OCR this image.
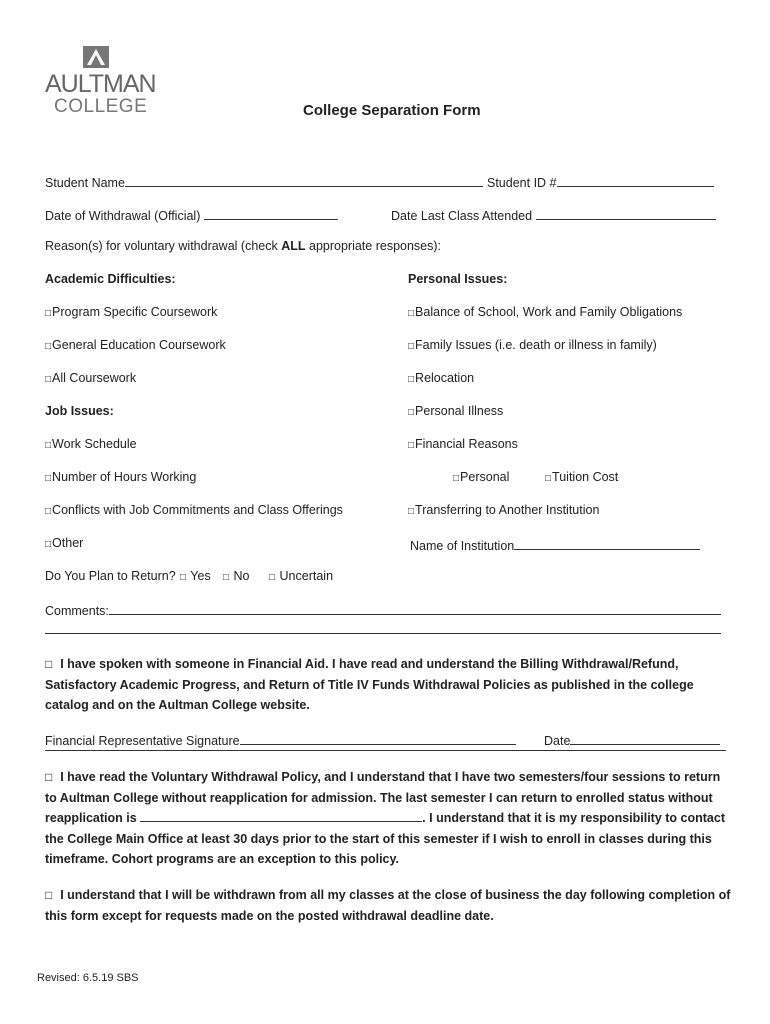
AULTMAN
COLLEGE	College Separation Form
Student Name	Student ID #
Date of Withdrawal (Official)	Date Last Class Attended
Reason(s) for voluntary withdrawal (check ALL appropriate responses):
Academic Difficulties:	Personal Issues:
□Program Specific Coursework
□General Education Coursework
□All Coursework
Job Issues:
□Work Schedule
□Number of Hours Working
□Conflicts with Job Commitments and Class Offerings
□Other
□Balance of School, Work and Family Obligations
□Family Issues (i.e. death or illness in family)
□Relocation
□Personal Illness
□Financial Reasons
□Personal	□Tuition Cost
□Transferring to Another Institution
Name of Institution
Do You Plan to Return? □ Yes □ No □ Uncertain
Comments:
□ I have spoken with someone in Financial Aid. I have read and understand the Billing Withdrawal/Refund, Satisfactory Academic Progress, and Return of Title IV Funds Withdrawal Policies as published in the college catalog and on the Aultman College website.
Financial Representative Signature	Date
□ I have read the Voluntary Withdrawal Policy, and I understand that I have two semesters/four sessions to return to Aultman College without reapplication for admission. The last semester I can return to enrolled status without reapplication is	. I understand that it is my responsibility to contact the College Main Office at least 30 days prior to the start of this semester if I wish to enroll in classes during this timeframe. Cohort programs are an exception to this policy.
□ I understand that I will be withdrawn from all my classes at the close of business the day following completion of this form except for requests made on the posted withdrawal deadline date.
Revised: 6.5.19 SBS
